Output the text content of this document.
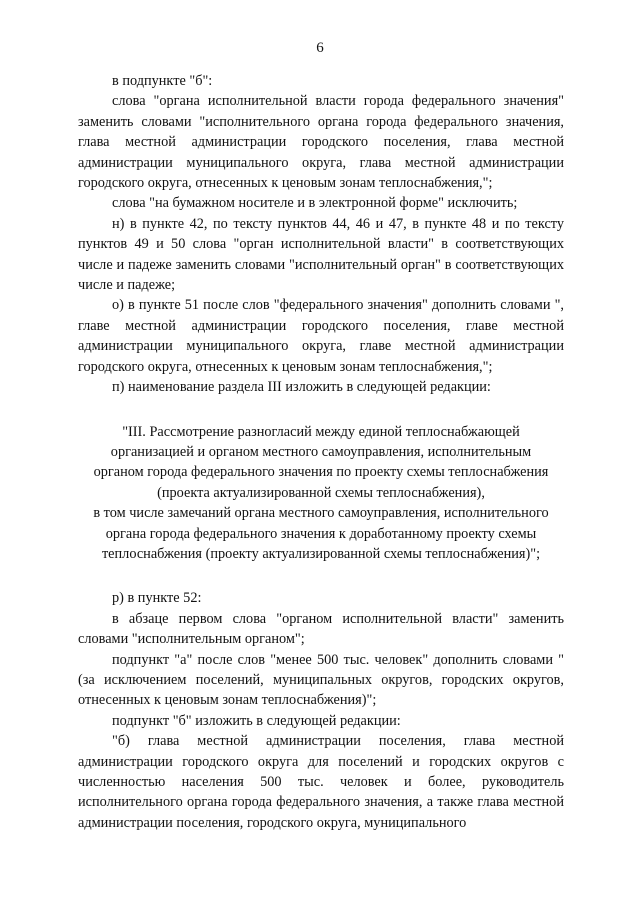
6

в подпункте "б":

слова "органа исполнительной власти города федерального значения" заменить словами "исполнительного органа города федерального значения, глава местной администрации городского поселения, глава местной администрации муниципального округа, глава местной администрации городского округа, отнесенных к ценовым зонам теплоснабжения,";

слова "на бумажном носителе и в электронной форме" исключить;

н) в пункте 42, по тексту пунктов 44, 46 и 47, в пункте 48 и по тексту пунктов 49 и 50 слова "орган исполнительной власти" в соответствующих числе и падеже заменить словами "исполнительный орган" в соответствующих числе и падеже;

о) в пункте 51 после слов "федерального значения" дополнить словами ", главе местной администрации городского поселения, главе местной администрации муниципального округа, главе местной администрации городского округа, отнесенных к ценовым зонам теплоснабжения,";

п) наименование раздела III изложить в следующей редакции:

"III. Рассмотрение разногласий между единой теплоснабжающей
организацией и органом местного самоуправления, исполнительным
органом города федерального значения по проекту схемы теплоснабжения
(проекта актуализированной схемы теплоснабжения),
в том числе замечаний органа местного самоуправления, исполнительного
органа города федерального значения к доработанному проекту схемы
теплоснабжения (проекту актуализированной схемы теплоснабжения)";

р) в пункте 52:

в абзаце первом слова "органом исполнительной власти" заменить словами "исполнительным органом";

подпункт "а" после слов "менее 500 тыс. человек" дополнить словами "(за исключением поселений, муниципальных округов, городских округов, отнесенных к ценовым зонам теплоснабжения)";

подпункт "б" изложить в следующей редакции:

"б) глава местной администрации поселения, глава местной администрации городского округа для поселений и городских округов с численностью населения 500 тыс. человек и более, руководитель исполнительного органа города федерального значения, а также глава местной администрации поселения, городского округа, муниципального
